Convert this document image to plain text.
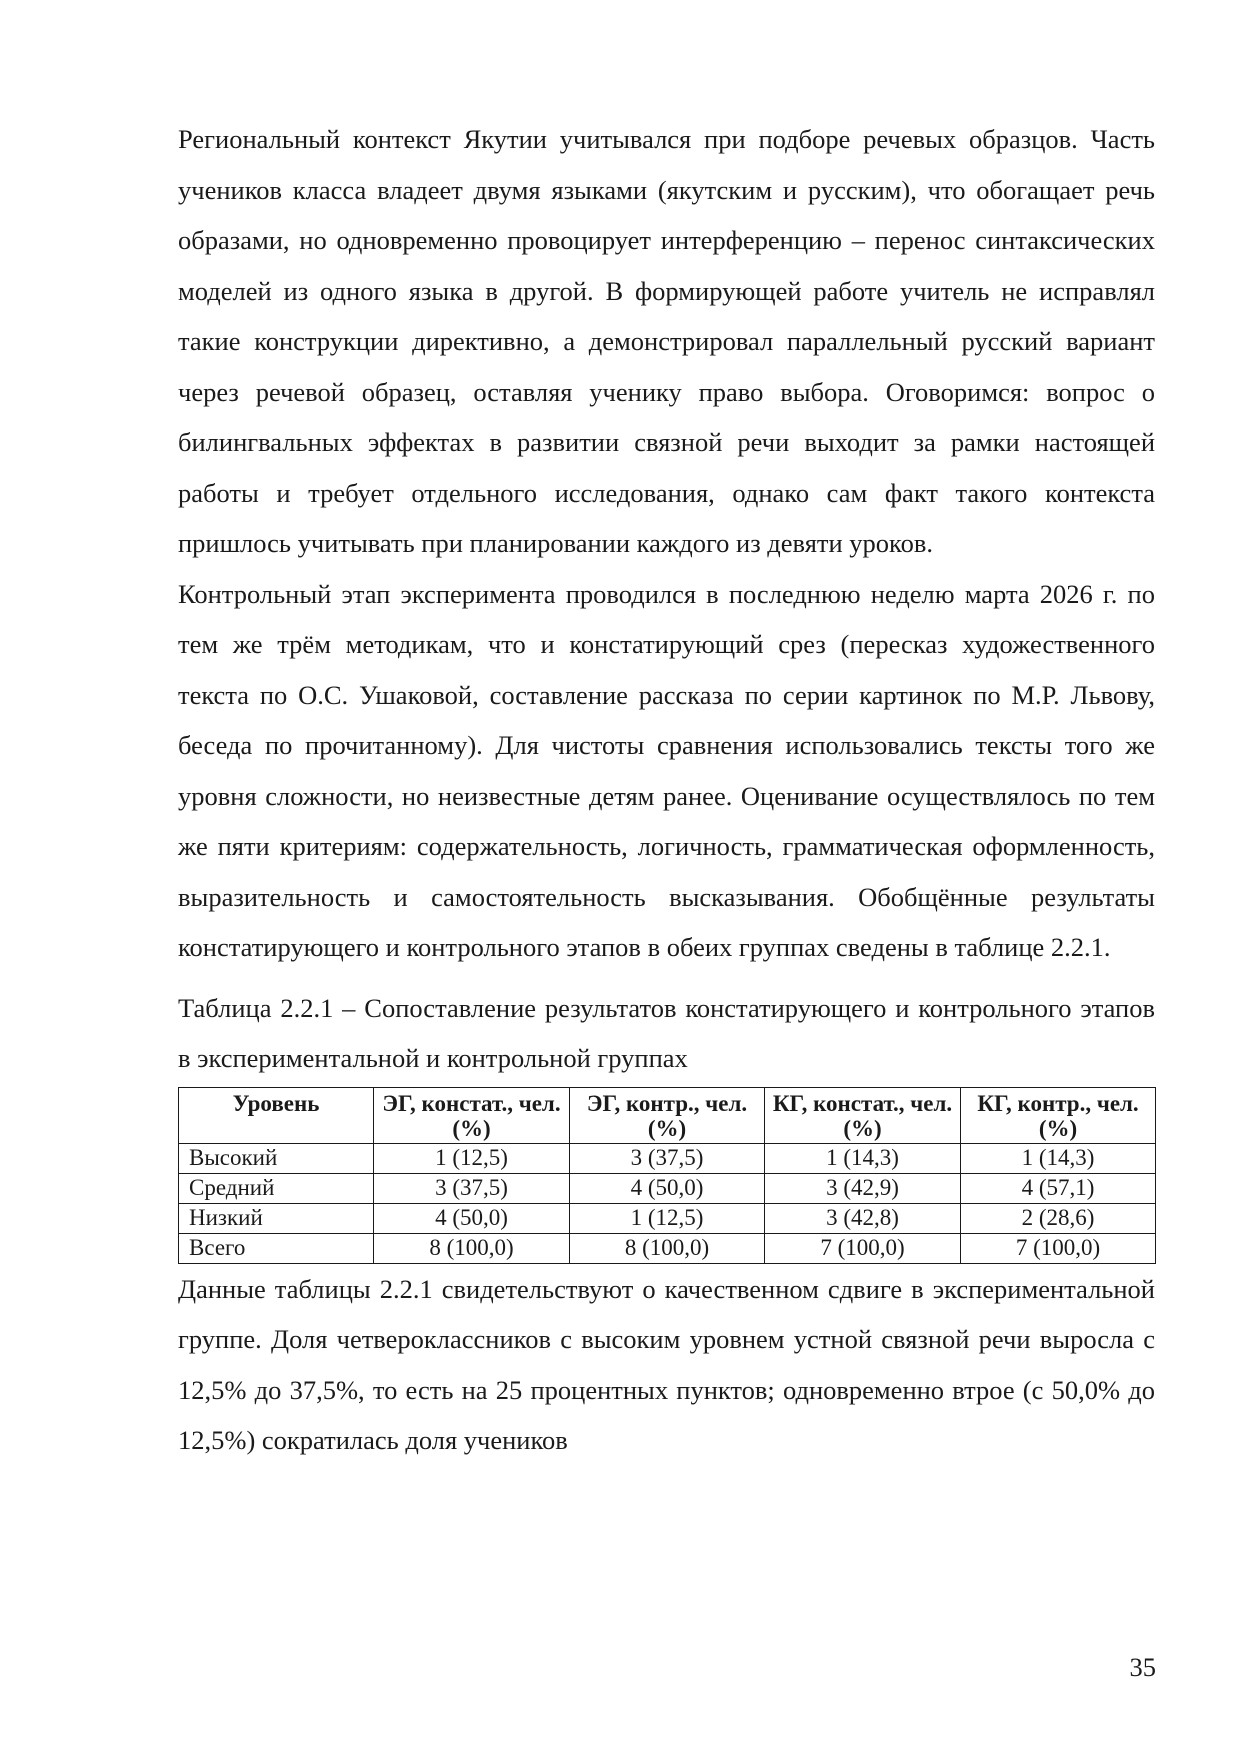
Региональный контекст Якутии учитывался при подборе речевых образцов. Часть учеников класса владеет двумя языками (якутским и русским), что обогащает речь образами, но одновременно провоцирует интерференцию – перенос синтаксических моделей из одного языка в другой. В формирующей работе учитель не исправлял такие конструкции директивно, а демонстрировал параллельный русский вариант через речевой образец, оставляя ученику право выбора. Оговоримся: вопрос о билингвальных эффектах в развитии связной речи выходит за рамки настоящей работы и требует отдельного исследования, однако сам факт такого контекста пришлось учитывать при планировании каждого из девяти уроков.

Контрольный этап эксперимента проводился в последнюю неделю марта 2026 г. по тем же трём методикам, что и констатирующий срез (пересказ художественного текста по О.С. Ушаковой, составление рассказа по серии картинок по М.Р. Львову, беседа по прочитанному). Для чистоты сравнения использовались тексты того же уровня сложности, но неизвестные детям ранее. Оценивание осуществлялось по тем же пяти критериям: содержательность, логичность, грамматическая оформленность, выразительность и самостоятельность высказывания. Обобщённые результаты констатирующего и контрольного этапов в обеих группах сведены в таблице 2.2.1.

Таблица 2.2.1 – Сопоставление результатов констатирующего и контрольного этапов в экспериментальной и контрольной группах

Уровень	ЭГ, констат., чел. (%)	ЭГ, контр., чел. (%)	КГ, констат., чел. (%)	КГ, контр., чел. (%)
Высокий	1 (12,5)	3 (37,5)	1 (14,3)	1 (14,3)
Средний	3 (37,5)	4 (50,0)	3 (42,9)	4 (57,1)
Низкий	4 (50,0)	1 (12,5)	3 (42,8)	2 (28,6)
Всего	8 (100,0)	8 (100,0)	7 (100,0)	7 (100,0)

Данные таблицы 2.2.1 свидетельствуют о качественном сдвиге в экспериментальной группе. Доля четвероклассников с высоким уровнем устной связной речи выросла с 12,5% до 37,5%, то есть на 25 процентных пунктов; одновременно втрое (с 50,0% до 12,5%) сократилась доля учеников

35
